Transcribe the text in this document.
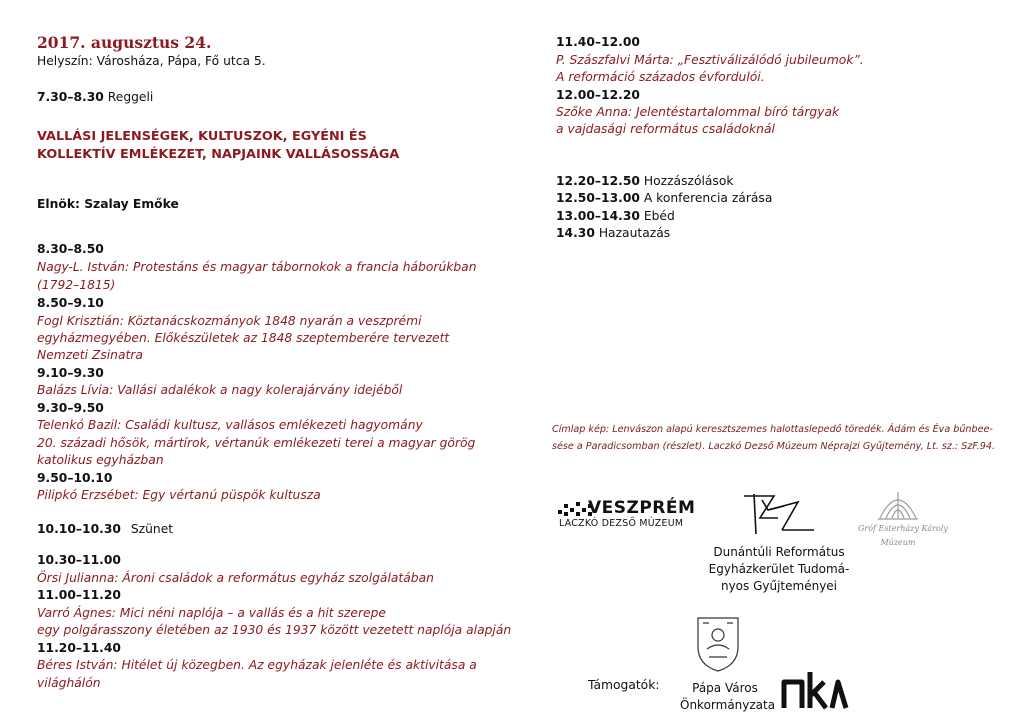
2017. augusztus 24.
Helyszín: Városháza, Pápa, Fő utca 5.
7.30–8.30 Reggeli
VALLÁSI JELENSÉGEK, KULTUSZOK, EGYÉNI ÉS
KOLLEKTÍV EMLÉKEZET, NAPJAINK VALLÁSOSSÁGA
Elnök: Szalay Emőke
8.30–8.50
Nagy-L. István: Protestáns és magyar tábornokok a francia háborúkban
(1792–1815)
8.50–9.10
Fogl Krisztián: Köztanácskozmányok 1848 nyarán a veszprémi
egyházmegyében. Előkészületek az 1848 szeptemberére tervezett
Nemzeti Zsinatra
9.10–9.30
Balázs Lívia: Vallási adalékok a nagy kolerajárvány idejéből
9.30–9.50
Telenkó Bazil: Családi kultusz, vallásos emlékezeti hagyomány
20. századi hősök, mártírok, vértanúk emlékezeti terei a magyar görög
katolikus egyházban
9.50–10.10
Pilipkó Erzsébet: Egy vértanú püspök kultusza
10.10–10.30 Szünet
10.30–11.00
Örsi Julianna: Ároni családok a református egyház szolgálatában
11.00–11.20
Varró Ágnes: Mici néni naplója – a vallás és a hit szerepe
egy polgárasszony életében az 1930 és 1937 között vezetett naplója alapján
11.20–11.40
Béres István: Hitélet új közegben. Az egyházak jelenléte és aktivitása a
világhálón
11.40–12.00
P. Szászfalvi Márta: „Fesztiválizálódó jubileumok”.
A reformáció százados évfordulói.
12.00–12.20
Szőke Anna: Jelentéstartalommal bíró tárgyak
a vajdasági református családoknál
12.20–12.50 Hozzászólások
12.50–13.00 A konferencia zárása
13.00–14.30 Ebéd
14.30 Hazautazás
Címlap kép: Lenvászon alapú keresztszemes halottaslepedő töredék. Ádám és Éva bűnbee-
sése a Paradicsomban (részlet). Laczkó Dezső Múzeum Néprajzi Gyűjtemény, Lt. sz.: SzF.94.
VESZPRÉM
LACZKÓ DEZSŐ MÚZEUM
Dunántúli Református
Egyházkerület Tudomá-
nyos Gyűjteményei
Gróf Esterházy Károly
Múzeum
Támogatók:	Pápa Város
Önkormányzata
